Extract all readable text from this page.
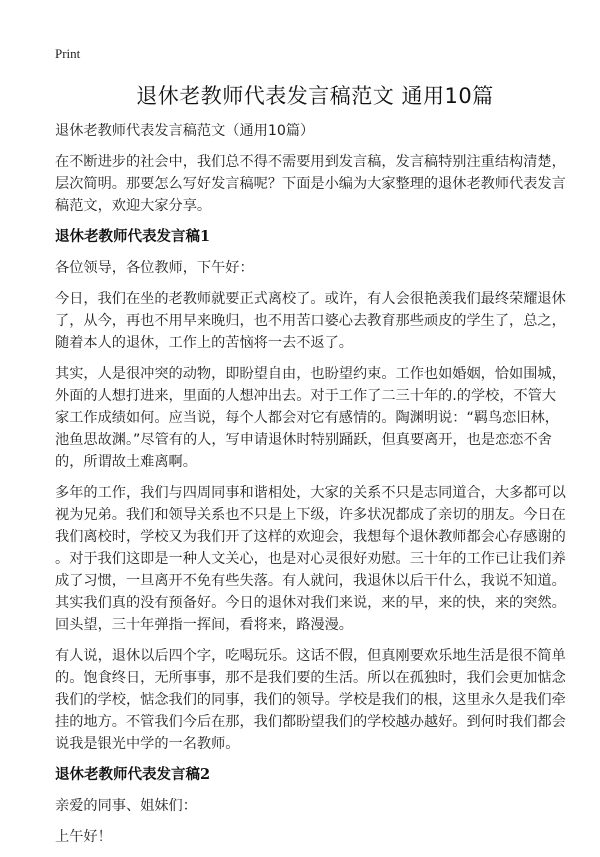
Print
退休老教师代表发言稿范文 通用10篇
退休老教师代表发言稿范文（通用10篇）
在不断进步的社会中，我们总不得不需要用到发言稿，发言稿特别注重结构清楚，
层次简明。那要怎么写好发言稿呢？下面是小编为大家整理的退休老教师代表发言
稿范文，欢迎大家分享。
退休老教师代表发言稿1
各位领导，各位教师，下午好：
今日，我们在坐的老教师就要正式离校了。或许，有人会很艳羡我们最终荣耀退休
了，从今，再也不用早来晚归，也不用苦口婆心去教育那些顽皮的学生了，总之，
随着本人的退休，工作上的苦恼将一去不返了。
其实，人是很冲突的动物，即盼望自由，也盼望约束。工作也如婚姻，恰如围城，
外面的人想打进来，里面的人想冲出去。对于工作了二三十年的.的学校，不管大
家工作成绩如何。应当说，每个人都会对它有感情的。陶渊明说：“羁鸟恋旧林，
池鱼思故渊。”尽管有的人，写申请退休时特别踊跃，但真要离开，也是恋恋不舍
的，所谓故土难离啊。
多年的工作，我们与四周同事和谐相处，大家的关系不只是志同道合，大多都可以
视为兄弟。我们和领导关系也不只是上下级，许多状况都成了亲切的朋友。今日在
我们离校时，学校又为我们开了这样的欢迎会，我想每个退休教师都会心存感谢的
。对于我们这即是一种人文关心，也是对心灵很好劝慰。三十年的工作已让我们养
成了习惯，一旦离开不免有些失落。有人就问，我退休以后干什么，我说不知道。
其实我们真的没有预备好。今日的退休对我们来说，来的早，来的快，来的突然。
回头望，三十年弹指一挥间，看将来，路漫漫。
有人说，退休以后四个字，吃喝玩乐。这话不假，但真刚要欢乐地生活是很不简单
的。饱食终日，无所事事，那不是我们要的生活。所以在孤独时，我们会更加惦念
我们的学校，惦念我们的同事，我们的领导。学校是我们的根，这里永久是我们牵
挂的地方。不管我们今后在那，我们都盼望我们的学校越办越好。到何时我们都会
说我是银光中学的一名教师。
退休老教师代表发言稿2
亲爱的同事、姐妹们：
上午好！
